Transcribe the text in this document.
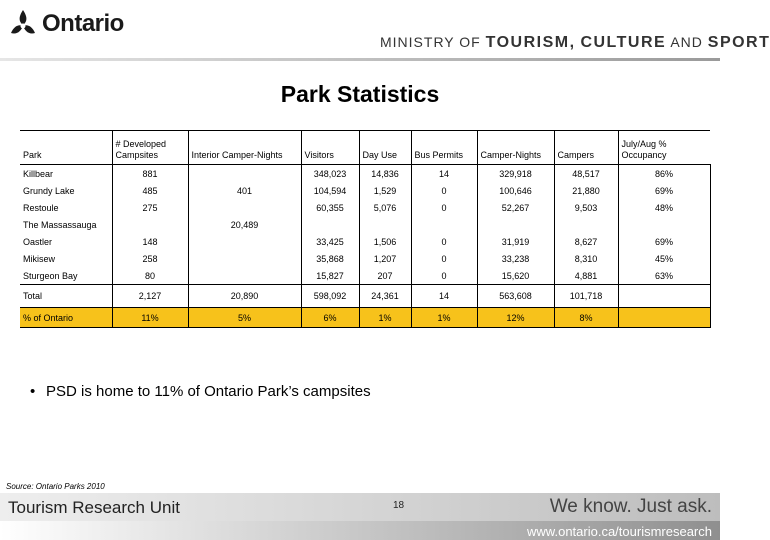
Ontario
MINISTRY OF TOURISM, CULTURE AND SPORT
Park Statistics
Park	# Developed Campsites	Interior Camper-Nights	Visitors	Day Use	Bus Permits	Camper-Nights	Campers	July/Aug % Occupancy
Killbear	881		348,023	14,836	14	329,918	48,517	86%
Grundy Lake	485	401	104,594	1,529	0	100,646	21,880	69%
Restoule	275		60,355	5,076	0	52,267	9,503	48%
The Massassauga		20,489						
Oastler	148		33,425	1,506	0	31,919	8,627	69%
Mikisew	258		35,868	1,207	0	33,238	8,310	45%
Sturgeon Bay	80		15,827	207	0	15,620	4,881	63%
Total	2,127	20,890	598,092	24,361	14	563,608	101,718	
% of Ontario	11%	5%	6%	1%	1%	12%	8%	
• PSD is home to 11% of Ontario Park’s campsites
Source: Ontario Parks 2010
Tourism Research Unit	18	We know. Just ask.
www.ontario.ca/tourismresearch
